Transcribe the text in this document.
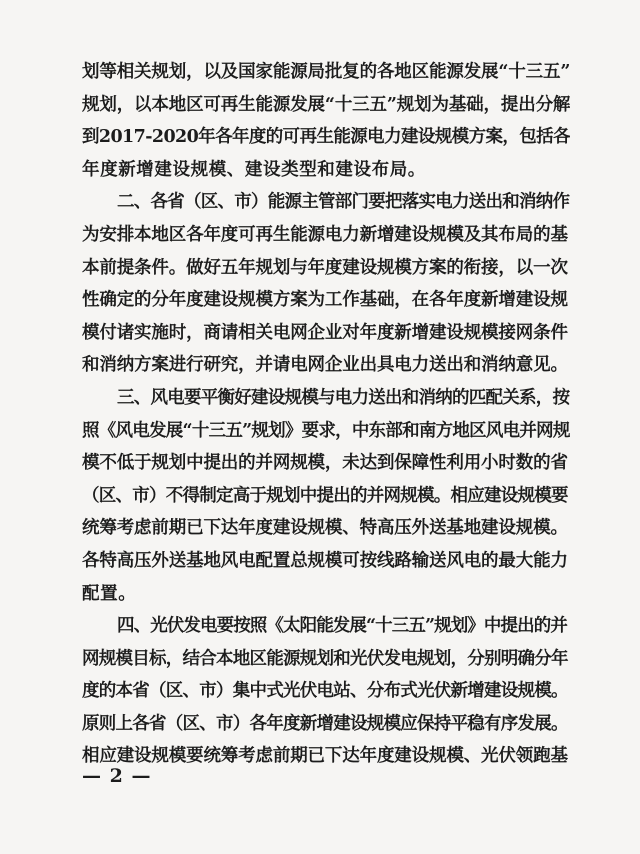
划等相关规划，以及国家能源局批复的各地区能源发展“十三五”
规划，以本地区可再生能源发展“十三五”规划为基础，提出分解
到2017-2020年各年度的可再生能源电力建设规模方案，包括各
年度新增建设规模、建设类型和建设布局。
二、各省（区、市）能源主管部门要把落实电力送出和消纳作
为安排本地区各年度可再生能源电力新增建设规模及其布局的基
本前提条件。做好五年规划与年度建设规模方案的衔接，以一次
性确定的分年度建设规模方案为工作基础，在各年度新增建设规
模付诸实施时，商请相关电网企业对年度新增建设规模接网条件
和消纳方案进行研究，并请电网企业出具电力送出和消纳意见。
三、风电要平衡好建设规模与电力送出和消纳的匹配关系，按
照《风电发展“十三五”规划》要求，中东部和南方地区风电并网规
模不低于规划中提出的并网规模，未达到保障性利用小时数的省
（区、市）不得制定高于规划中提出的并网规模。相应建设规模要
统筹考虑前期已下达年度建设规模、特高压外送基地建设规模。
各特高压外送基地风电配置总规模可按线路输送风电的最大能力
配置。
四、光伏发电要按照《太阳能发展“十三五”规划》中提出的并
网规模目标，结合本地区能源规划和光伏发电规划，分别明确分年
度的本省（区、市）集中式光伏电站、分布式光伏新增建设规模。
原则上各省（区、市）各年度新增建设规模应保持平稳有序发展。
相应建设规模要统筹考虑前期已下达年度建设规模、光伏领跑基
— 2 —
